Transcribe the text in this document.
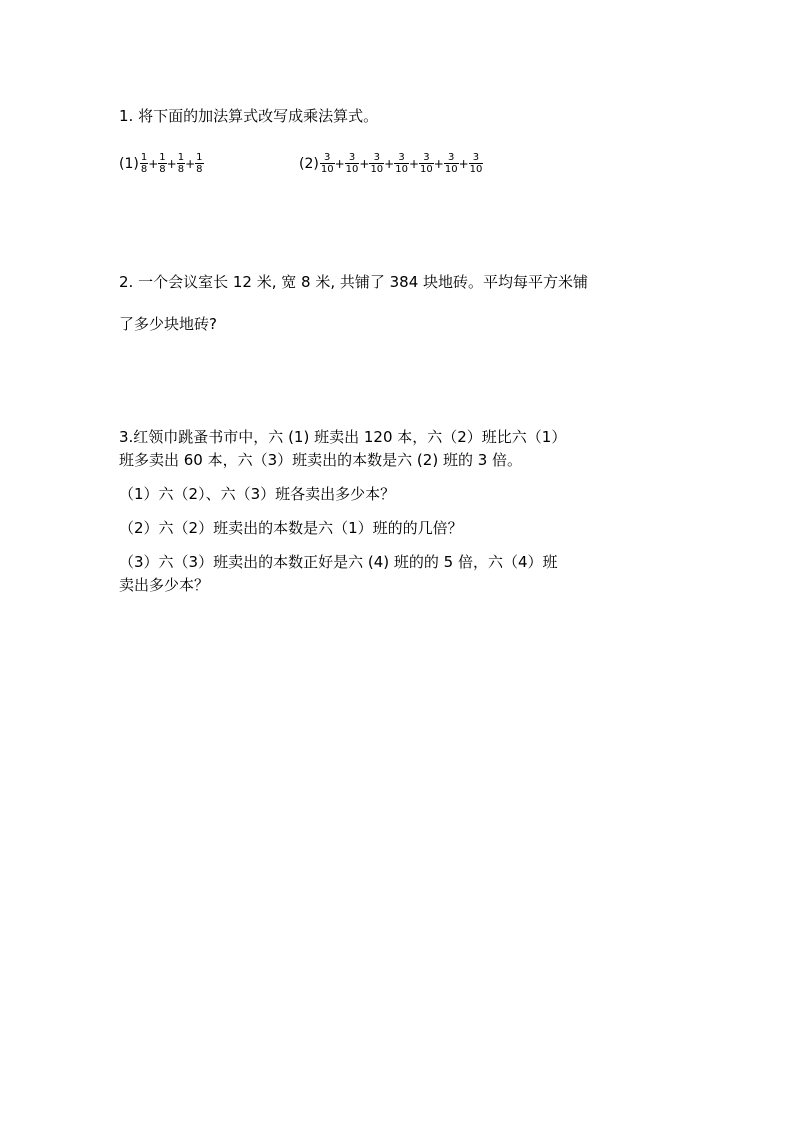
1. 将下面的加法算式改写成乘法算式。
$(1) \frac{1}{8} + \frac{1}{8} + \frac{1}{8} + \frac{1}{8}$	$(2) \frac{3}{10} + \frac{3}{10} + \frac{3}{10} + \frac{3}{10} + \frac{3}{10} + \frac{3}{10} + \frac{3}{10}$
2. 一个会议室长 12 米, 宽 8 米, 共铺了 384 块地砖。平均每平方米铺
了多少块地砖?
3.红领巾跳蚤书市中，六 (1) 班卖出 120 本，六（2）班比六（1）
班多卖出 60 本，六（3）班卖出的本数是六 (2) 班的 3 倍。
（1）六（2）、六（3）班各卖出多少本？
（2）六（2）班卖出的本数是六（1）班的的几倍？
（3）六（3）班卖出的本数正好是六 (4) 班的的 5 倍，六（4）班
卖出多少本？
